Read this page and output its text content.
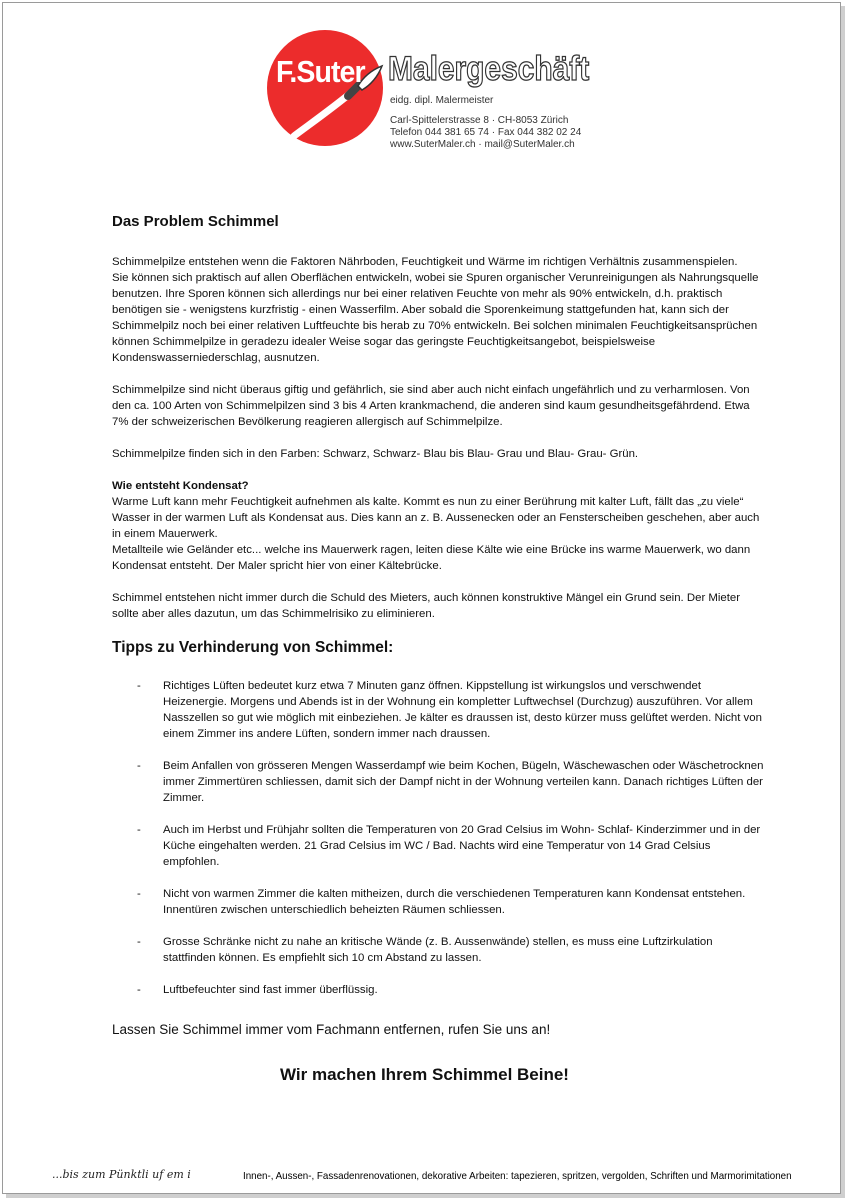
F.Suter Malergeschäft
eidg. dipl. Malermeister
Carl-Spittelerstrasse 8 · CH-8053 Zürich
Telefon 044 381 65 74 · Fax 044 382 02 24
www.SuterMaler.ch · mail@SuterMaler.ch
Das Problem Schimmel

Schimmelpilze entstehen wenn die Faktoren Nährboden, Feuchtigkeit und Wärme im richtigen Verhältnis zusammenspielen.
Sie können sich praktisch auf allen Oberflächen entwickeln, wobei sie Spuren organischer Verunreinigungen als Nahrungsquelle benutzen. Ihre Sporen können sich allerdings nur bei einer relativen Feuchte von mehr als 90% entwickeln, d.h. praktisch benötigen sie - wenigstens kurzfristig - einen Wasserfilm. Aber sobald die Sporenkeimung stattgefunden hat, kann sich der Schimmelpilz noch bei einer relativen Luftfeuchte bis herab zu 70% entwickeln. Bei solchen minimalen Feuchtigkeitsansprüchen können Schimmelpilze in geradezu idealer Weise sogar das geringste Feuchtigkeitsangebot, beispielsweise Kondenswasserniederschlag, ausnutzen.

Schimmelpilze sind nicht überaus giftig und gefährlich, sie sind aber auch nicht einfach ungefährlich und zu verharmlosen. Von den ca. 100 Arten von Schimmelpilzen sind 3 bis 4 Arten krankmachend, die anderen sind kaum gesundheitsgefährdend. Etwa 7% der schweizerischen Bevölkerung reagieren allergisch auf Schimmelpilze.

Schimmelpilze finden sich in den Farben: Schwarz, Schwarz- Blau bis Blau- Grau und Blau- Grau- Grün.

Wie entsteht Kondensat?
Warme Luft kann mehr Feuchtigkeit aufnehmen als kalte. Kommt es nun zu einer Berührung mit kalter Luft, fällt das „zu viele“ Wasser in der warmen Luft als Kondensat aus. Dies kann an z. B. Aussenecken oder an Fensterscheiben geschehen, aber auch in einem Mauerwerk.
Metallteile wie Geländer etc... welche ins Mauerwerk ragen, leiten diese Kälte wie eine Brücke ins warme Mauerwerk, wo dann Kondensat entsteht. Der Maler spricht hier von einer Kältebrücke.

Schimmel entstehen nicht immer durch die Schuld des Mieters, auch können konstruktive Mängel ein Grund sein. Der Mieter sollte aber alles dazutun, um das Schimmelrisiko zu eliminieren.

Tipps zu Verhinderung von Schimmel:
- Richtiges Lüften bedeutet kurz etwa 7 Minuten ganz öffnen. Kippstellung ist wirkungslos und verschwendet Heizenergie. Morgens und Abends ist in der Wohnung ein kompletter Luftwechsel (Durchzug) auszuführen. Vor allem Nasszellen so gut wie möglich mit einbeziehen. Je kälter es draussen ist, desto kürzer muss gelüftet werden. Nicht von einem Zimmer ins andere Lüften, sondern immer nach draussen.
- Beim Anfallen von grösseren Mengen Wasserdampf wie beim Kochen, Bügeln, Wäschewaschen oder Wäschetrocknen immer Zimmertüren schliessen, damit sich der Dampf nicht in der Wohnung verteilen kann. Danach richtiges Lüften der Zimmer.
- Auch im Herbst und Frühjahr sollten die Temperaturen von 20 Grad Celsius im Wohn- Schlaf- Kinderzimmer und in der Küche eingehalten werden. 21 Grad Celsius im WC / Bad. Nachts wird eine Temperatur von 14 Grad Celsius empfohlen.
- Nicht von warmen Zimmer die kalten mitheizen, durch die verschiedenen Temperaturen kann Kondensat entstehen. Innentüren zwischen unterschiedlich beheizten Räumen schliessen.
- Grosse Schränke nicht zu nahe an kritische Wände (z. B. Aussenwände) stellen, es muss eine Luftzirkulation stattfinden können. Es empfiehlt sich 10 cm Abstand zu lassen.
- Luftbefeuchter sind fast immer überflüssig.
Lassen Sie Schimmel immer vom Fachmann entfernen, rufen Sie uns an!
Wir machen Ihrem Schimmel Beine!
...bis zum Pünktli uf em i	Innen-, Aussen-, Fassadenrenovationen, dekorative Arbeiten: tapezieren, spritzen, vergolden, Schriften und Marmorimitationen
